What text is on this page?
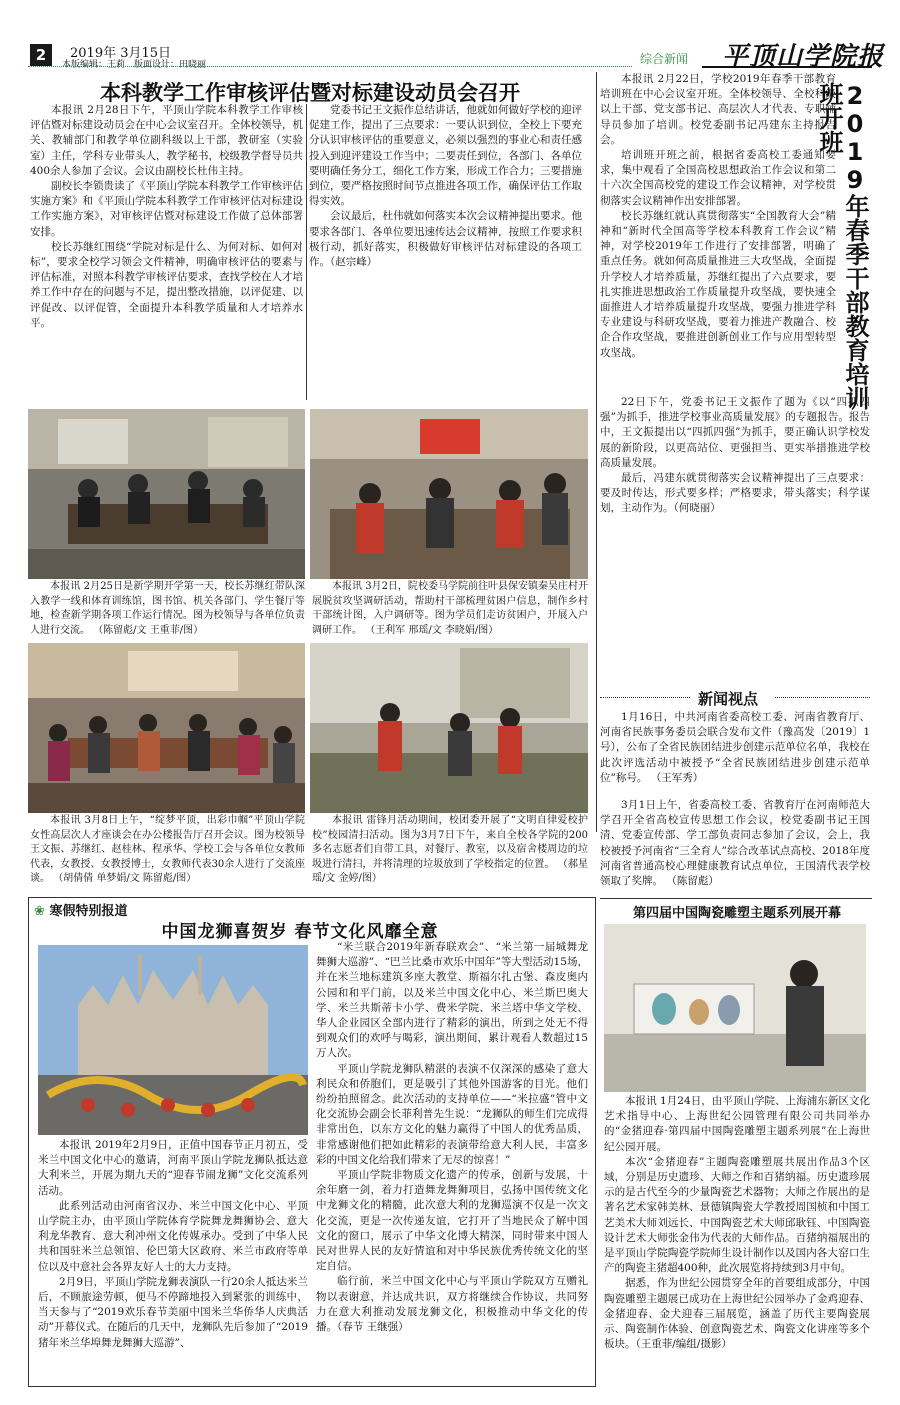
2	2019年 3月15日
本版编辑：王莉　版面设计：田晓丽	综合新闻 平顶山学院报
本科教学工作审核评估暨对标建设动员会召开

本报讯 2月28日下午，平顶山学院本科教学工作审核评估暨对标建设动员会在中心会议室召开。全体校领导，机关、教辅部门和教学单位副科级以上干部，教研室（实验室）主任，学科专业带头人，教学秘书，校级教学督导员共400余人参加了会议。会议由副校长杜伟主持。

副校长李锁贵读了《平顶山学院本科教学工作审核评估实施方案》和《平顶山学院本科教学工作审核评估对标建设工作实施方案》，对审核评估暨对标建设工作做了总体部署安排。

校长苏继红围绕“学院对标是什么、为何对标、如何对标”，要求全校学习领会文件精神，明确审核评估的要素与评估标准，对照本科教学审核评估要求，查找学校在人才培养工作中存在的问题与不足，提出整改措施，以评促建、以评促改、以评促管，全面提升本科教学质量和人才培养水平。

党委书记王文振作总结讲话，他就如何做好学校的迎评促建工作，提出了三点要求：一要认识到位，全校上下要充分认识审核评估的重要意义，必须以强烈的事业心和责任感投入到迎评建设工作当中；二要责任到位，各部门、各单位要明确任务分工，细化工作方案，形成工作合力；三要措施到位，要严格按照时间节点推进各项工作，确保评估工作取得实效。

会议最后，杜伟就如何落实本次会议精神提出要求。他要求各部门、各单位要迅速传达会议精神，按照工作要求积极行动，抓好落实，积极做好审核评估对标建设的各项工作。（赵宗峰）

本报讯 2月25日是新学期开学第一天，校长苏继红带队深入教学一线和体育训练馆，图书馆、机关各部门、学生餐厅等地，检查新学期各项工作运行情况。图为校领导与各单位负责人进行交流。 （陈留彪/文 王重菲/图）
本报讯 3月2日，院校委马学院前往叶县保安镇秦吴庄村开展脱贫攻坚调研活动，帮助村干部梳理贫困户信息，制作乡村干部统计图，入户调研等。图为学员们走访贫困户，开展入户调研工作。 （王利军 邢瑶/文 李晓娟/图）
本报讯 3月8日上午，“绽梦平顶，出彩巾帼”平顶山学院女性高层次人才座谈会在办公楼报告厅召开会议。图为校领导王文振、苏继红、赵桂林、程承华、学校工会与各单位女教师代表，女教授、女教授博士，女教师代表30余人进行了交流座谈。 （胡倩倩 单梦娟/文 陈留彪/图）
本报讯 雷锋月活动期间，校团委开展了“文明自律爱校护校”校园清扫活动。图为3月7日下午，来自全校各学院的200多名志愿者们自带工具，对餐厅、教室，以及宿舍楼周边的垃圾进行清扫，并将清理的垃圾放到了学校指定的位置。 （郝星瑶/文 金婷/图）
2019年春季干部教育培训班开班

本报讯 2月22日，学校2019年春季干部教育培训班在中心会议室开班。全体校领导、全校科级以上干部、党支部书记、高层次人才代表、专职辅导员参加了培训。校党委副书记冯建东主持报告会。

培训班开班之前，根据省委高校工委通知要求，集中观看了全国高校思想政治工作会议和第二十六次全国高校党的建设工作会议精神，对学校贯彻落实会议精神作出安排部署。

校长苏继红就认真贯彻落实“全国教育大会”精神和“新时代全国高等学校本科教育工作会议”精神，对学校2019年工作进行了安排部署，明确了重点任务。就如何高质量推进三大攻坚战，全面提升学校人才培养质量，苏继红提出了六点要求，要扎实推进思想政治工作质量提升攻坚战，要快速全面推进人才培养质量提升攻坚战，要强力推进学科专业建设与科研攻坚战，要着力推进产教融合、校企合作攻坚战，要推进创新创业工作与应用型转型攻坚战。

22日下午，党委书记王文振作了题为《以“四抓四强”为抓手，推进学校事业高质量发展》的专题报告。报告中，王文振提出以“四抓四强”为抓手，要正确认识学校发展的新阶段，以更高站位、更强担当、更实举措推进学校高质量发展。

最后，冯建东就贯彻落实会议精神提出了三点要求：要及时传达，形式要多样；严格要求，带头落实；科学谋划，主动作为。（何晓丽）

新闻视点
1月16日，中共河南省委高校工委、河南省教育厅、河南省民族事务委员会联合发布文件（豫高发〔2019〕1号），公布了全省民族团结进步创建示范单位名单，我校在此次评选活动中被授予“全省民族团结进步创建示范单位”称号。 （王军秀）
3月1日上午，省委高校工委、省教育厅在河南师范大学召开全省高校宣传思想工作会议，校党委副书记王国清、党委宣传部、学工部负责同志参加了会议，会上，我校被授予河南省“三全育人”综合改革试点高校、2018年度河南省普通高校心理健康教育试点单位，王国清代表学校领取了奖牌。 （陈留彪）
❀ 寒假特别报道
中国龙狮喜贺岁 春节文化风靡全意

本报讯 2019年2月9日，正值中国春节正月初五，受米兰中国文化中心的邀请，河南平顶山学院龙狮队抵达意大利米兰，开展为期九天的“迎春节闹龙狮”文化交流系列活动。

此系列活动由河南省汉办、米兰中国文化中心、平顶山学院主办，由平顶山学院体育学院舞龙舞狮协会、意大利龙华教育、意大利冲州文化传媒承办。受到了中华人民共和国驻米兰总领馆、伦巴第大区政府、米兰市政府等单位以及中意社会各界友好人士的大力支持。

2月9日，平顶山学院龙狮表演队一行20余人抵达米兰后，不顾旅途劳顿，便马不停蹄地投入到紧张的训练中，当天参与了“2019欢乐春节美丽中国米兰华侨华人庆典活动”开幕仪式。在随后的几天中，龙狮队先后参加了“2019猪年米兰华埠舞龙舞狮大巡游”、

“米兰联合2019年新春联欢会”、“米兰第一届城舞龙舞狮大巡游”、“巴兰比桑市欢乐中国年”等大型活动15场，并在米兰地标建筑多座大教堂、斯福尔扎古堡、森皮奥内公园和和平门前，以及米兰中国文化中心、米兰斯巴奥大学、米兰共斯蒂卡小学、费米学院、米兰塔中华文学校、华人企业园区全部内进行了精彩的演出，所到之处无不得到观众们的欢呼与喝彩，演出期间，累计观看人数超过15万人次。

平顶山学院龙狮队精湛的表演不仅深深的感染了意大利民众和侨胞们，更是吸引了其他外国游客的目光。他们纷纷拍照留念。此次活动的支持单位——“米拉盛”管中文化交流协会副会长菲利普先生说：“龙狮队的师生们完成得非常出色，以东方文化的魅力赢得了中国人的优秀品质，非常感谢他们把如此精彩的表演带给意大利人民，丰富多彩的中国文化给我们带来了无尽的惊喜！”

平顶山学院非物质文化遗产的传承，创新与发展，十余年磨一剑，着力打造舞龙舞狮项目，弘扬中国传统文化中龙狮文化的精髓，此次意大利的龙狮巡演不仅是一次文化交流，更是一次传递友谊，它打开了当地民众了解中国文化的窗口，展示了中华文化博大精深，同时带来中国人民对世界人民的友好情谊和对中华民族优秀传统文化的坚定自信。

临行前，米兰中国文化中心与平顶山学院双方互赠礼物以表谢意，并达成共识，双方将继续合作协议，共同努力在意大利推动发展龙狮文化，积极推动中华文化的传播。（春节 王继强）

第四届中国陶瓷雕塑主题系列展开幕

本报讯 1月24日，由平顶山学院、上海浦东新区文化艺术指导中心、上海世纪公园管理有限公司共同举办的“金猪迎春·第四届中国陶瓷雕塑主题系列展”在上海世纪公园开展。

本次“金猪迎春”主题陶瓷雕塑展共展出作品3个区域，分别是历史遗珍、大师之作和百猪纳福。历史遗珍展示的是古代至今的少量陶瓷艺术器物；大师之作展出的是著名艺术家韩美林、景德镇陶瓷大学教授周国桢和中国工艺美术大师刘远长、中国陶瓷艺术大师邱耿钰、中国陶瓷设计艺术大师张金伟为代表的大师作品。百猪纳福展出的是平顶山学院陶瓷学院师生设计制作以及国内各大窑口生产的陶瓷主猪超400种，此次展览将持续到3月中旬。

据悉，作为世纪公园贯穿全年的首要组成部分，中国陶瓷雕塑主题展已成功在上海世纪公园举办了金鸡迎春、金猪迎春、金犬迎春三届展览，涵盖了历代主要陶瓷展示、陶瓷制作体验、创意陶瓷艺术、陶瓷文化讲座等多个板块。（王重菲/编组/摄影）
